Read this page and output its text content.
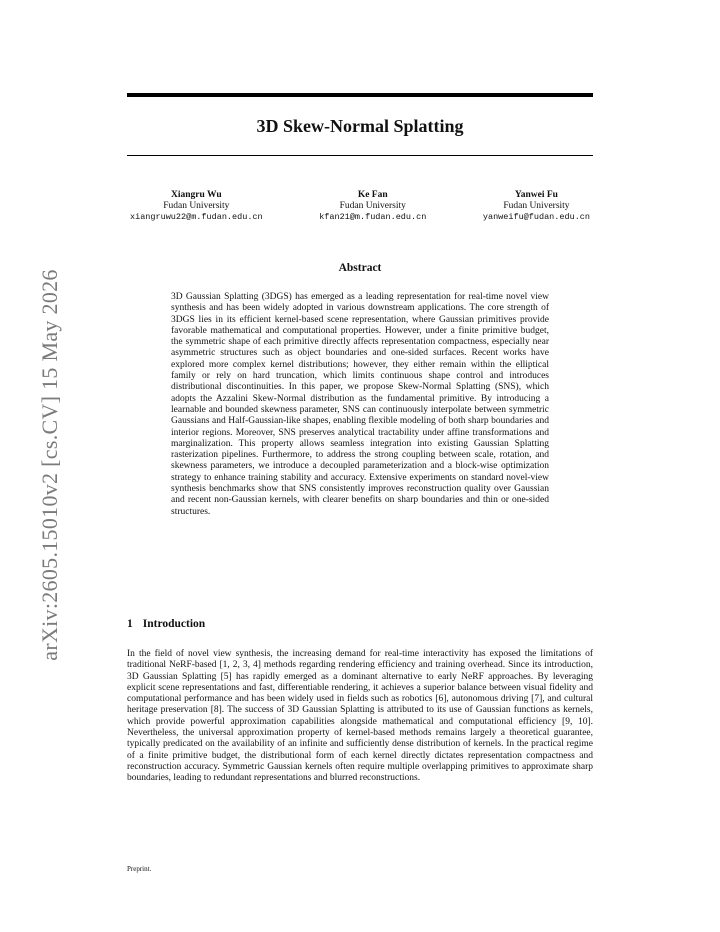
arXiv:2605.15010v2 [cs.CV] 15 May 2026
3D Skew-Normal Splatting
Xiangru Wu
Fudan University
xiangruwu22@m.fudan.edu.cn
Ke Fan
Fudan University
kfan21@m.fudan.edu.cn
Yanwei Fu
Fudan University
yanweifu@fudan.edu.cn
Abstract
3D Gaussian Splatting (3DGS) has emerged as a leading representation for real-time novel view synthesis and has been widely adopted in various downstream applications. The core strength of 3DGS lies in its efficient kernel-based scene representation, where Gaussian primitives provide favorable mathematical and computational properties. However, under a finite primitive budget, the symmetric shape of each primitive directly affects representation compactness, especially near asymmetric structures such as object boundaries and one-sided surfaces. Recent works have explored more complex kernel distributions; however, they either remain within the elliptical family or rely on hard truncation, which limits continuous shape control and introduces distributional discontinuities. In this paper, we propose Skew-Normal Splatting (SNS), which adopts the Azzalini Skew-Normal distribution as the fundamental primitive. By introducing a learnable and bounded skewness parameter, SNS can continuously interpolate between symmetric Gaussians and Half-Gaussian-like shapes, enabling flexible modeling of both sharp boundaries and interior regions. Moreover, SNS preserves analytical tractability under affine transformations and marginalization. This property allows seamless integration into existing Gaussian Splatting rasterization pipelines. Furthermore, to address the strong coupling between scale, rotation, and skewness parameters, we introduce a decoupled parameterization and a block-wise optimization strategy to enhance training stability and accuracy. Extensive experiments on standard novel-view synthesis benchmarks show that SNS consistently improves reconstruction quality over Gaussian and recent non-Gaussian kernels, with clearer benefits on sharp boundaries and thin or one-sided structures.
1 Introduction
In the field of novel view synthesis, the increasing demand for real-time interactivity has exposed the limitations of traditional NeRF-based [1, 2, 3, 4] methods regarding rendering efficiency and training overhead. Since its introduction, 3D Gaussian Splatting [5] has rapidly emerged as a dominant alternative to early NeRF approaches. By leveraging explicit scene representations and fast, differentiable rendering, it achieves a superior balance between visual fidelity and computational performance and has been widely used in fields such as robotics [6], autonomous driving [7], and cultural heritage preservation [8]. The success of 3D Gaussian Splatting is attributed to its use of Gaussian functions as kernels, which provide powerful approximation capabilities alongside mathematical and computational efficiency [9, 10]. Nevertheless, the universal approximation property of kernel-based methods remains largely a theoretical guarantee, typically predicated on the availability of an infinite and sufficiently dense distribution of kernels. In the practical regime of a finite primitive budget, the distributional form of each kernel directly dictates representation compactness and reconstruction accuracy. Symmetric Gaussian kernels often require multiple overlapping primitives to approximate sharp boundaries, leading to redundant representations and blurred reconstructions.
Preprint.
